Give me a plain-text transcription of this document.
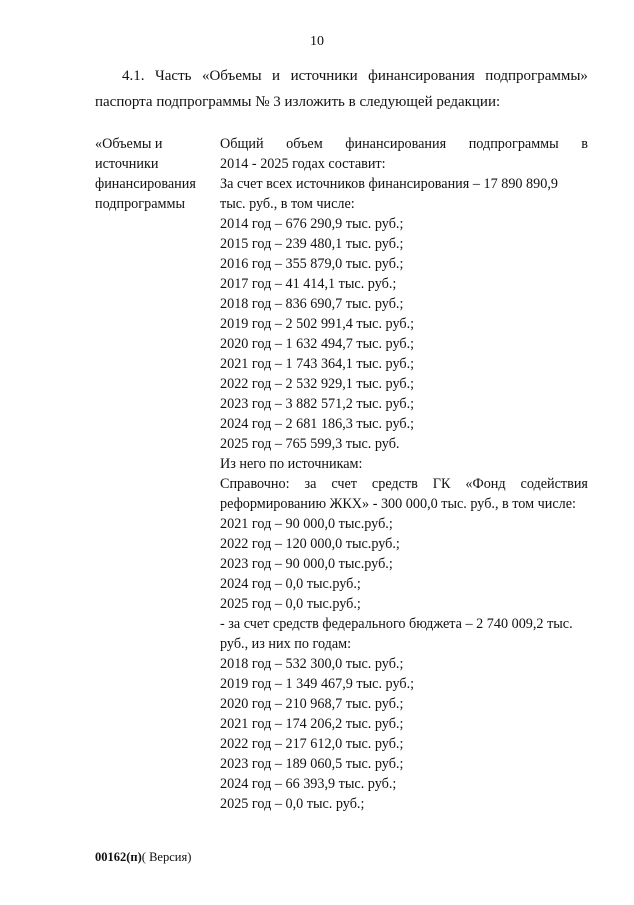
10
4.1. Часть «Объемы и источники финансирования подпрограммы»
паспорта подпрограммы № 3 изложить в следующей редакции:
«Объемы и
источники
финансирования
подпрограммы
Общий объем финансирования подпрограммы в
2014 - 2025 годах составит:
За счет всех источников финансирования – 17 890 890,9
тыс. руб., в том числе:
2014 год – 676 290,9 тыс. руб.;
2015 год – 239 480,1 тыс. руб.;
2016 год – 355 879,0 тыс. руб.;
2017 год – 41 414,1 тыс. руб.;
2018 год – 836 690,7 тыс. руб.;
2019 год – 2 502 991,4 тыс. руб.;
2020 год – 1 632 494,7 тыс. руб.;
2021 год – 1 743 364,1 тыс. руб.;
2022 год – 2 532 929,1 тыс. руб.;
2023 год – 3 882 571,2 тыс. руб.;
2024 год – 2 681 186,3 тыс. руб.;
2025 год – 765 599,3 тыс. руб.
Из него по источникам:
Справочно: за счет средств ГК «Фонд содействия
реформированию ЖКХ» - 300 000,0 тыс. руб., в том числе:
2021 год – 90 000,0 тыс.руб.;
2022 год – 120 000,0 тыс.руб.;
2023 год – 90 000,0 тыс.руб.;
2024 год – 0,0 тыс.руб.;
2025 год – 0,0 тыс.руб.;
- за счет средств федерального бюджета – 2 740 009,2 тыс.
руб., из них по годам:
2018 год – 532 300,0 тыс. руб.;
2019 год – 1 349 467,9 тыс. руб.;
2020 год – 210 968,7 тыс. руб.;
2021 год – 174 206,2 тыс. руб.;
2022 год – 217 612,0 тыс. руб.;
2023 год – 189 060,5 тыс. руб.;
2024 год – 66 393,9 тыс. руб.;
2025 год – 0,0 тыс. руб.;
00162(п)( Версия)
